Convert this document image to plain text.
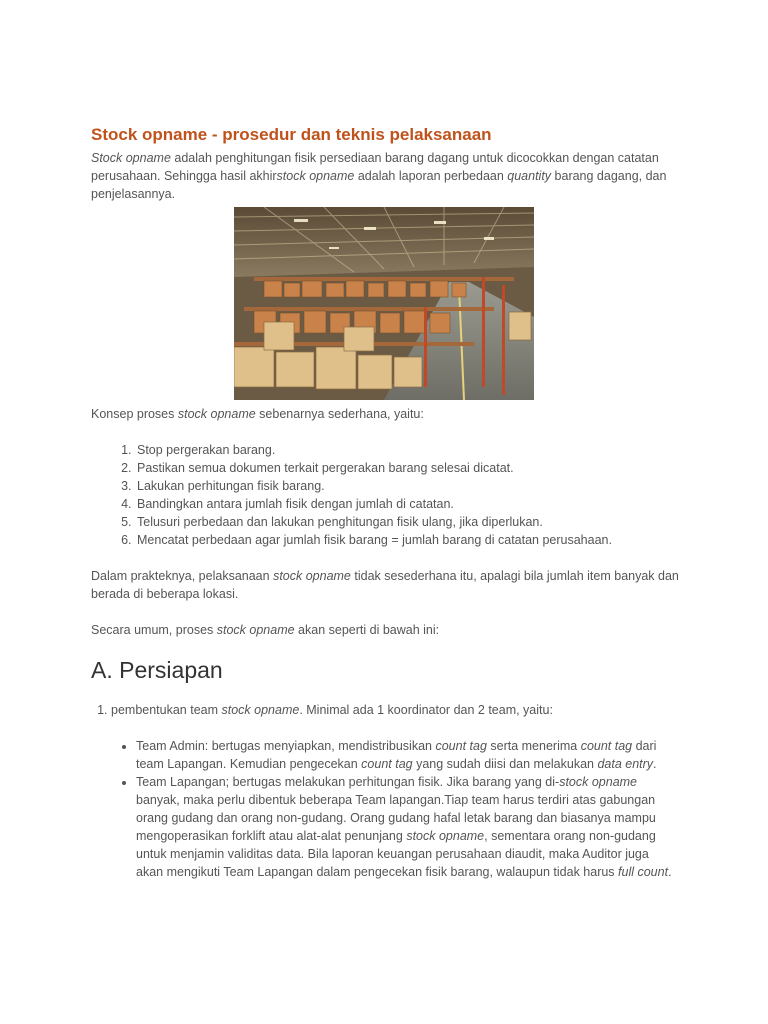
Stock opname - prosedur dan teknis pelaksanaan

Stock opname adalah penghitungan fisik persediaan barang dagang untuk dicocokkan dengan catatan perusahaan. Sehingga hasil akhirstock opname adalah laporan perbedaan quantity barang dagang, dan penjelasannya.

Konsep proses stock opname sebenarnya sederhana, yaitu:

1. Stop pergerakan barang.
2. Pastikan semua dokumen terkait pergerakan barang selesai dicatat.
3. Lakukan perhitungan fisik barang.
4. Bandingkan antara jumlah fisik dengan jumlah di catatan.
5. Telusuri perbedaan dan lakukan penghitungan fisik ulang, jika diperlukan.
6. Mencatat perbedaan agar jumlah fisik barang = jumlah barang di catatan perusahaan.

Dalam prakteknya, pelaksanaan stock opname tidak sesederhana itu, apalagi bila jumlah item banyak dan berada di beberapa lokasi.

Secara umum, proses stock opname akan seperti di bawah ini:

A. Persiapan
1. pembentukan team stock opname. Minimal ada 1 koordinator dan 2 team, yaitu:
• Team Admin: bertugas menyiapkan, mendistribusikan count tag serta menerima count tag dari team Lapangan. Kemudian pengecekan count tag yang sudah diisi dan melakukan data entry.
• Team Lapangan; bertugas melakukan perhitungan fisik. Jika barang yang di-stock opname banyak, maka perlu dibentuk beberapa Team lapangan.Tiap team harus terdiri atas gabungan orang gudang dan orang non-gudang. Orang gudang hafal letak barang dan biasanya mampu mengoperasikan forklift atau alat-alat penunjang stock opname, sementara orang non-gudang untuk menjamin validitas data. Bila laporan keuangan perusahaan diaudit, maka Auditor juga akan mengikuti Team Lapangan dalam pengecekan fisik barang, walaupun tidak harus full count.
